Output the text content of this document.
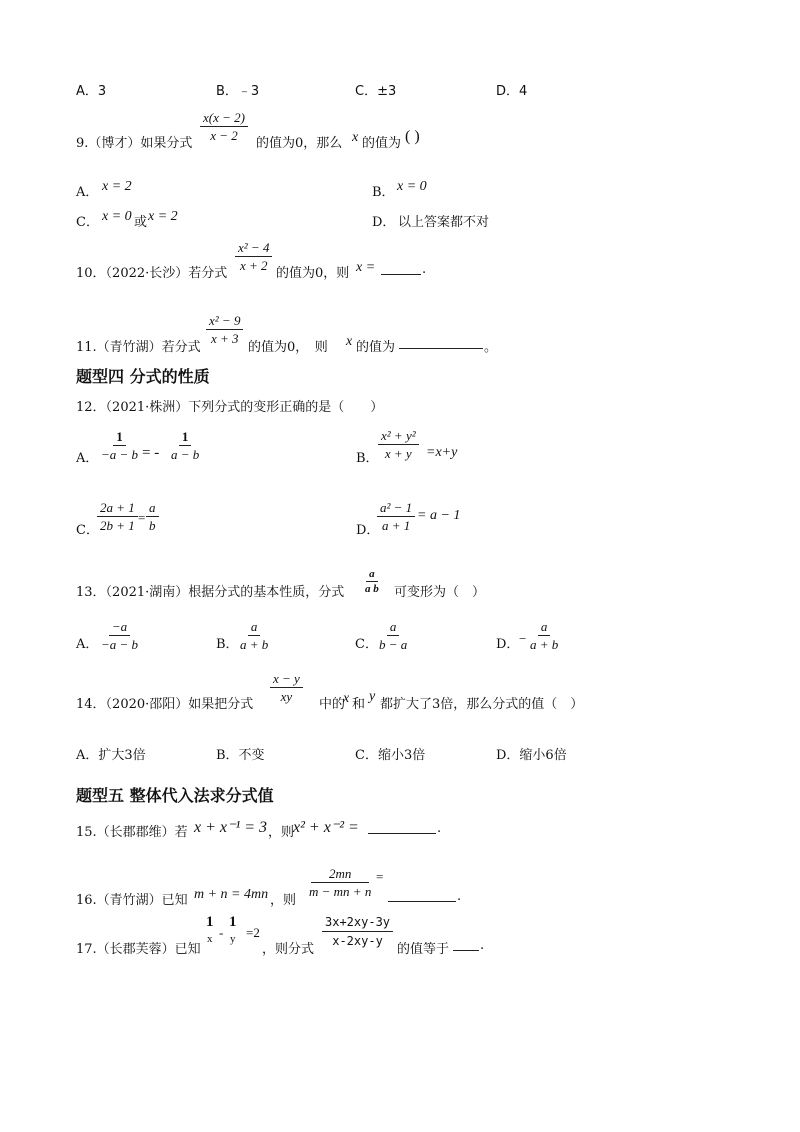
A．3	B．﹣3	C．±3	D．4
9.（博才）如果分式
$\frac{x(x - 2)}{x - 2}$
的值为0，那么 x 的值为 ( )
A． x = 2	B． x = 0
C． x = 0 或 x = 2	D． 以上答案都不对
10．（2022·长沙）若分式
$\frac{\text{x² − 4}}{x + 2}$
的值为0，则 x =	.
11.（青竹湖）若分式
$\frac{\text{x² − 9}}{x + 3}$
的值为0，　则 x 的值为	。
题型四 分式的性质
12．（2021·株洲）下列分式的变形正确的是（　　）
A． $\frac{1}{-a - b}$ = - $\frac{1}{a - b}$	B． $\frac{\text{x² + y²}}{x + y} =x+y$
C．
$\frac{2a + 1}{2b + 1} = \frac{a}{b}$	D．
$\frac{\text{a² − 1}}{a + 1} = a - 1$
13．（2021·湖南）根据分式的基本性质，分式 $\frac{a}{\text{a b}}$ 可变形为（　）
A． $\frac{-a}{-a - b}$	B．
$\frac{a}{a + b}$	C．
$\frac{a}{b - a}$	D． − $\frac{a}{a + b}$
14．（2020·邵阳）如果把分式
$\frac{x - y}{xy}$
中的
x 和
y
都扩大了3倍，那么分式的值（　）
A．扩大3倍	B．不变	C．缩小3倍	D．缩小6倍
题型五 整体代入法求分式值
15.（长郡郡维）若 x + x⁻¹ = 3 ，则
x² + x⁻² =	.
16.（青竹湖）已知 m + n = 4mn ，则
$\frac{2mn}{m - mn + n}$ =
.
17.（长郡芙蓉）已知
1
x -
1
y =2
，则分式
$\frac{3x+2xy-3y}{x-2xy-y}$
的值等于 .
